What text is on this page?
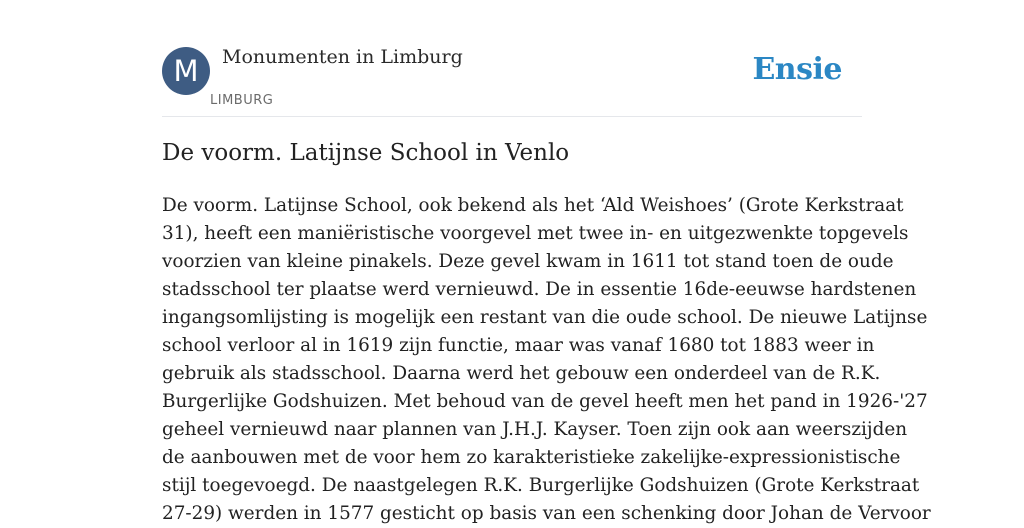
M	Monumenten in Limburg
LIMBURG
Ensie
De voorm. Latijnse School in Venlo

De voorm. Latijnse School, ook bekend als het ‘Ald Weishoes’ (Grote Kerkstraat
31), heeft een maniëristische voorgevel met twee in- en uitgezwenkte topgevels
voorzien van kleine pinakels. Deze gevel kwam in 1611 tot stand toen de oude
stadsschool ter plaatse werd vernieuwd. De in essentie 16de-eeuwse hardstenen
ingangsomlijsting is mogelijk een restant van die oude school. De nieuwe Latijnse
school verloor al in 1619 zijn functie, maar was vanaf 1680 tot 1883 weer in
gebruik als stadsschool. Daarna werd het gebouw een onderdeel van de R.K.
Burgerlijke Godshuizen. Met behoud van de gevel heeft men het pand in 1926-'27
geheel vernieuwd naar plannen van J.H.J. Kayser. Toen zijn ook aan weerszijden
de aanbouwen met de voor hem zo karakteristieke zakelijke-expressionistische
stijl toegevoegd. De naastgelegen R.K. Burgerlijke Godshuizen (Grote Kerkstraat
27-29) werden in 1577 gesticht op basis van een schenking door Johan de Vervoor
